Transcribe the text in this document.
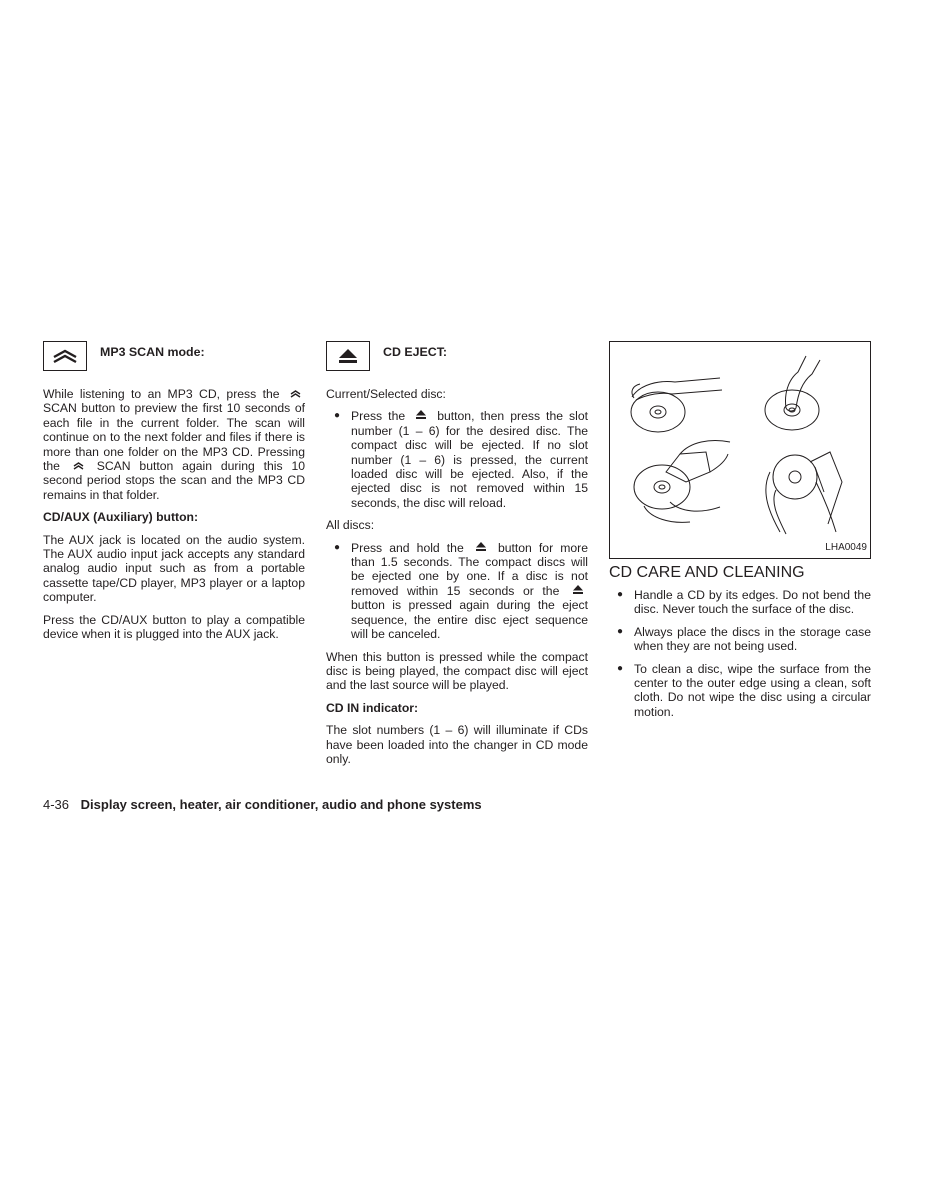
MP3 SCAN mode:

While listening to an MP3 CD, press the  SCAN button to preview the first 10 seconds of each file in the current folder. The scan will continue on to the next folder and files if there is more than one folder on the MP3 CD. Pressing the	SCAN button again during this 10 second period stops the scan and the MP3 CD remains in that folder.

CD/AUX (Auxiliary) button:

The AUX jack is located on the audio system. The AUX audio input jack accepts any standard analog audio input such as from a portable cassette tape/CD player, MP3 player or a laptop computer.

Press the CD/AUX button to play a compatible device when it is plugged into the AUX jack.

CD EJECT:

Current/Selected disc:

● Press the	button, then press the slot number (1 – 6) for the desired disc. The compact disc will be ejected. If no slot number (1 – 6) is pressed, the current loaded disc will be ejected. Also, if the ejected disc is not removed within 15 seconds, the disc will reload.

All discs:

● Press and hold the	button for more than 1.5 seconds. The compact discs will be ejected one by one. If a disc is not removed within 15 seconds or the  button is pressed again during the eject sequence, the entire disc eject sequence will be canceled.

When this button is pressed while the compact disc is being played, the compact disc will eject and the last source will be played.

CD IN indicator:

The slot numbers (1 – 6) will illuminate if CDs have been loaded into the changer in CD mode only.

LHA0049
CD CARE AND CLEANING
● Handle a CD by its edges. Do not bend the disc. Never touch the surface of the disc.
● Always place the discs in the storage case when they are not being used.
● To clean a disc, wipe the surface from the center to the outer edge using a clean, soft cloth. Do not wipe the disc using a circular motion.
4-36 Display screen, heater, air conditioner, audio and phone systems
